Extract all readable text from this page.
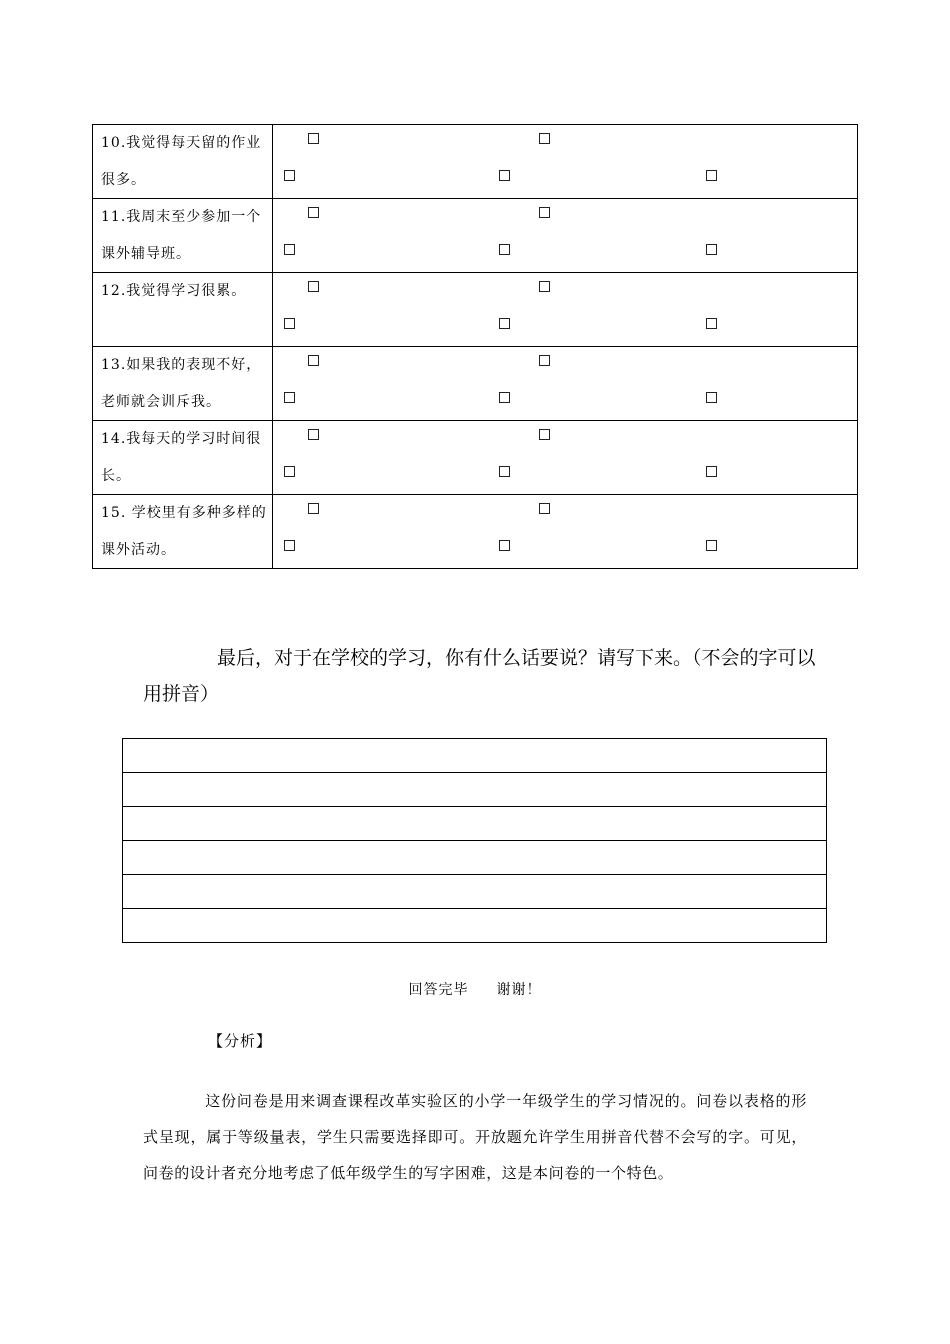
10.我觉得每天留的作业很多。	

11.我周末至少参加一个课外辅导班。	

12.我觉得学习很累。	

13.如果我的表现不好，老师就会训斥我。	

14.我每天的学习时间很长。	

15. 学校里有多种多样的课外活动。	

最后，对于在学校的学习，你有什么话要说？请写下来。（不会的字可以用拼音）

回答完毕 谢谢！
【分析】
这份问卷是用来调查课程改革实验区的小学一年级学生的学习情况的。问卷以表格的形式呈现，属于等级量表，学生只需要选择即可。开放题允许学生用拼音代替不会写的字。可见，问卷的设计者充分地考虑了低年级学生的写字困难，这是本问卷的一个特色。
